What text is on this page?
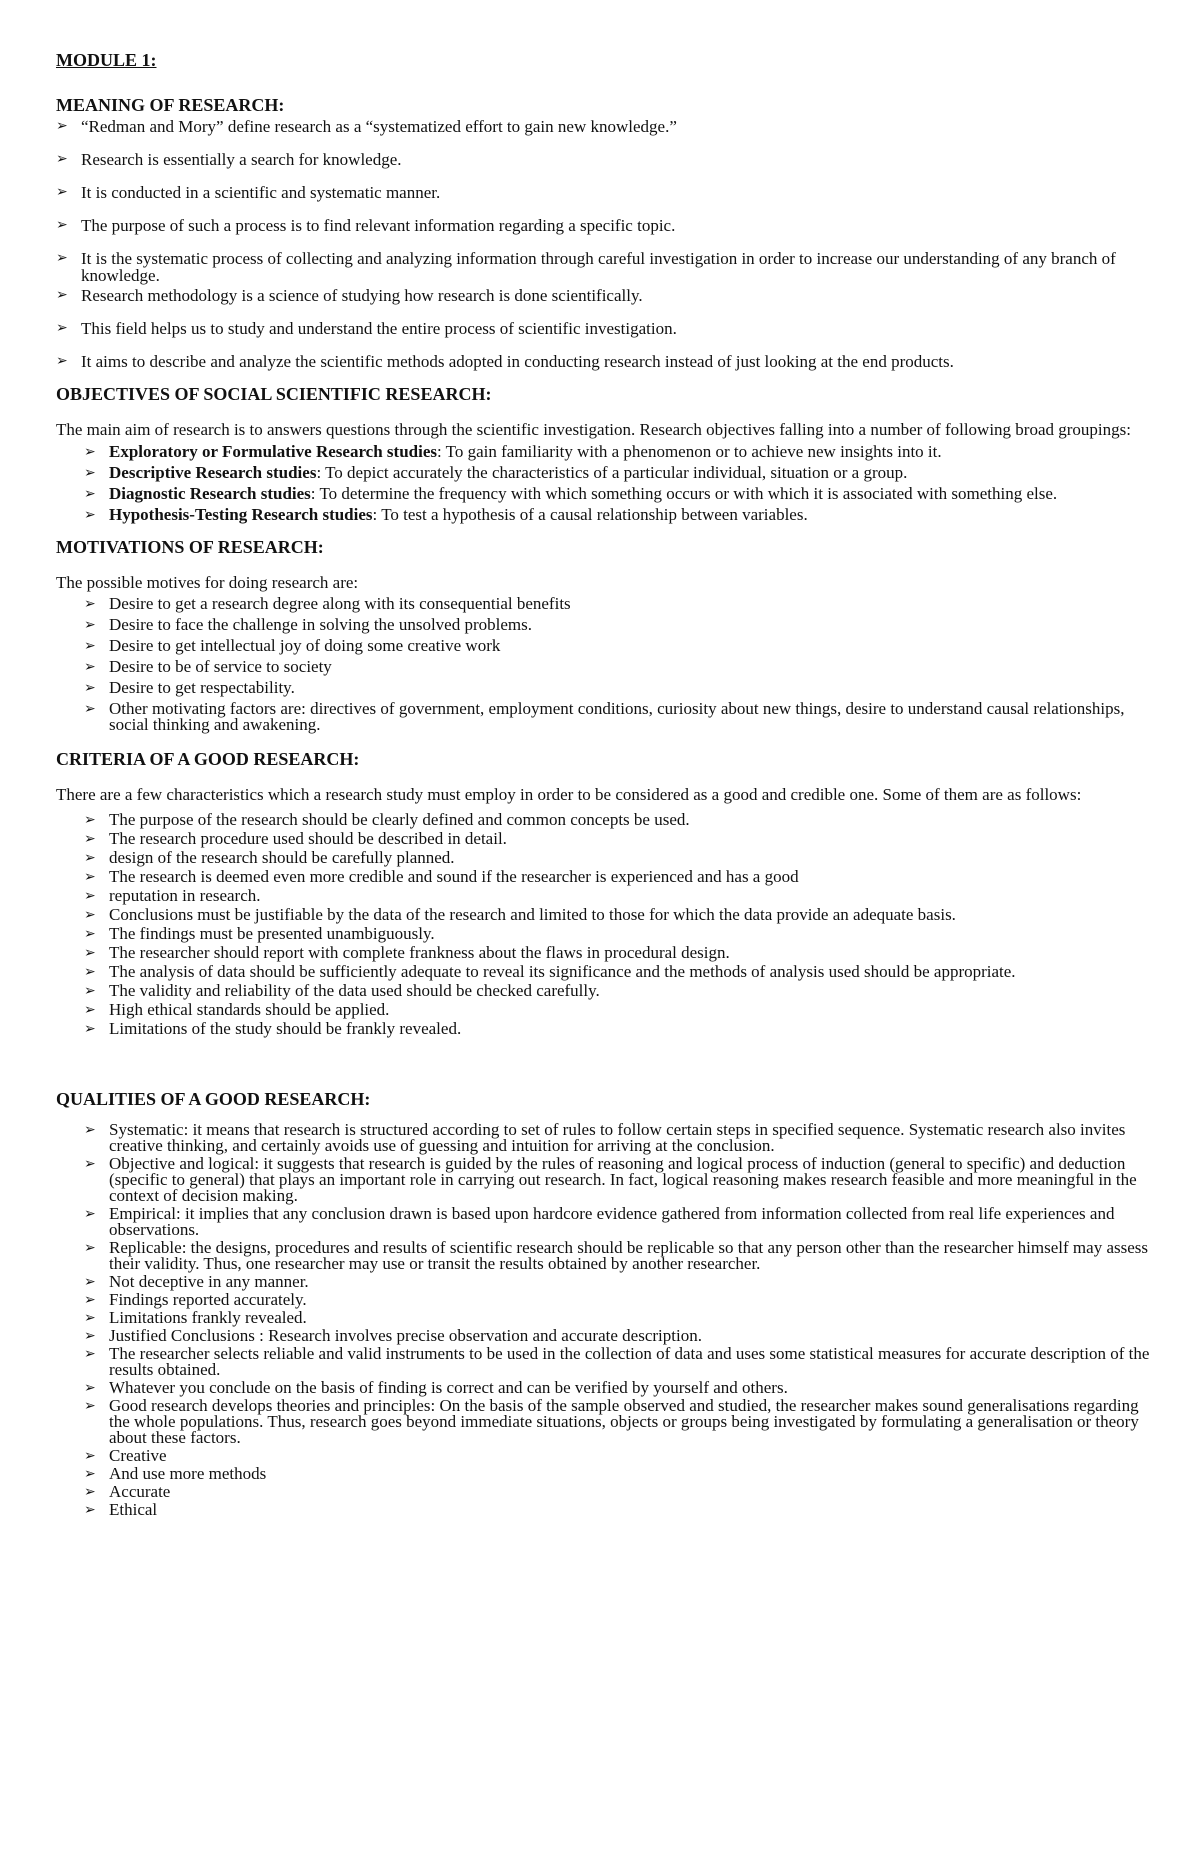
MODULE 1:
MEANING OF RESEARCH:
➢ “Redman and Mory” define research as a “systematized effort to gain new knowledge.”
➢ Research is essentially a search for knowledge.
➢ It is conducted in a scientific and systematic manner.
➢ The purpose of such a process is to find relevant information regarding a specific topic.
➢ It is the systematic process of collecting and analyzing information through careful investigation in order to increase our understanding of any branch of knowledge.
➢ Research methodology is a science of studying how research is done scientifically.
➢ This field helps us to study and understand the entire process of scientific investigation.
➢ It aims to describe and analyze the scientific methods adopted in conducting research instead of just looking at the end products.
OBJECTIVES OF SOCIAL SCIENTIFIC RESEARCH:

The main aim of research is to answers questions through the scientific investigation. Research objectives falling into a number of following broad groupings:

➢ Exploratory or Formulative Research studies: To gain familiarity with a phenomenon or to achieve new insights into it.
➢ Descriptive Research studies: To depict accurately the characteristics of a particular individual, situation or a group.
➢ Diagnostic Research studies: To determine the frequency with which something occurs or with which it is associated with something else.
➢ Hypothesis-Testing Research studies: To test a hypothesis of a causal relationship between variables.
MOTIVATIONS OF RESEARCH:

The possible motives for doing research are:

➢ Desire to get a research degree along with its consequential benefits
➢ Desire to face the challenge in solving the unsolved problems.
➢ Desire to get intellectual joy of doing some creative work
➢ Desire to be of service to society
➢ Desire to get respectability.
➢ Other motivating factors are: directives of government, employment conditions, curiosity about new things, desire to understand causal relationships, social thinking and awakening.
CRITERIA OF A GOOD RESEARCH:

There are a few characteristics which a research study must employ in order to be considered as a good and credible one. Some of them are as follows:

➢ The purpose of the research should be clearly defined and common concepts be used.
➢ The research procedure used should be described in detail.
➢ design of the research should be carefully planned.
➢ The research is deemed even more credible and sound if the researcher is experienced and has a good
➢ reputation in research.
➢ Conclusions must be justifiable by the data of the research and limited to those for which the data provide an adequate basis.
➢ The findings must be presented unambiguously.
➢ The researcher should report with complete frankness about the flaws in procedural design.
➢ The analysis of data should be sufficiently adequate to reveal its significance and the methods of analysis used should be appropriate.
➢ The validity and reliability of the data used should be checked carefully.
➢ High ethical standards should be applied.
➢ Limitations of the study should be frankly revealed.
QUALITIES OF A GOOD RESEARCH:
➢ Systematic: it means that research is structured according to set of rules to follow certain steps in specified sequence. Systematic research also invites creative thinking, and certainly avoids use of guessing and intuition for arriving at the conclusion.
➢ Objective and logical: it suggests that research is guided by the rules of reasoning and logical process of induction (general to specific) and deduction (specific to general) that plays an important role in carrying out research. In fact, logical reasoning makes research feasible and more meaningful in the context of decision making.
➢ Empirical: it implies that any conclusion drawn is based upon hardcore evidence gathered from information collected from real life experiences and observations.
➢ Replicable: the designs, procedures and results of scientific research should be replicable so that any person other than the researcher himself may assess their validity. Thus, one researcher may use or transit the results obtained by another researcher.
➢ Not deceptive in any manner.
➢ Findings reported accurately.
➢ Limitations frankly revealed.
➢ Justified Conclusions : Research involves precise observation and accurate description.
➢ The researcher selects reliable and valid instruments to be used in the collection of data and uses some statistical measures for accurate description of the results obtained.
➢ Whatever you conclude on the basis of finding is correct and can be verified by yourself and others.
➢ Good research develops theories and principles: On the basis of the sample observed and studied, the researcher makes sound generalisations regarding the whole populations. Thus, research goes beyond immediate situations, objects or groups being investigated by formulating a generalisation or theory about these factors.
➢ Creative
➢ And use more methods
➢ Accurate
➢ Ethical
